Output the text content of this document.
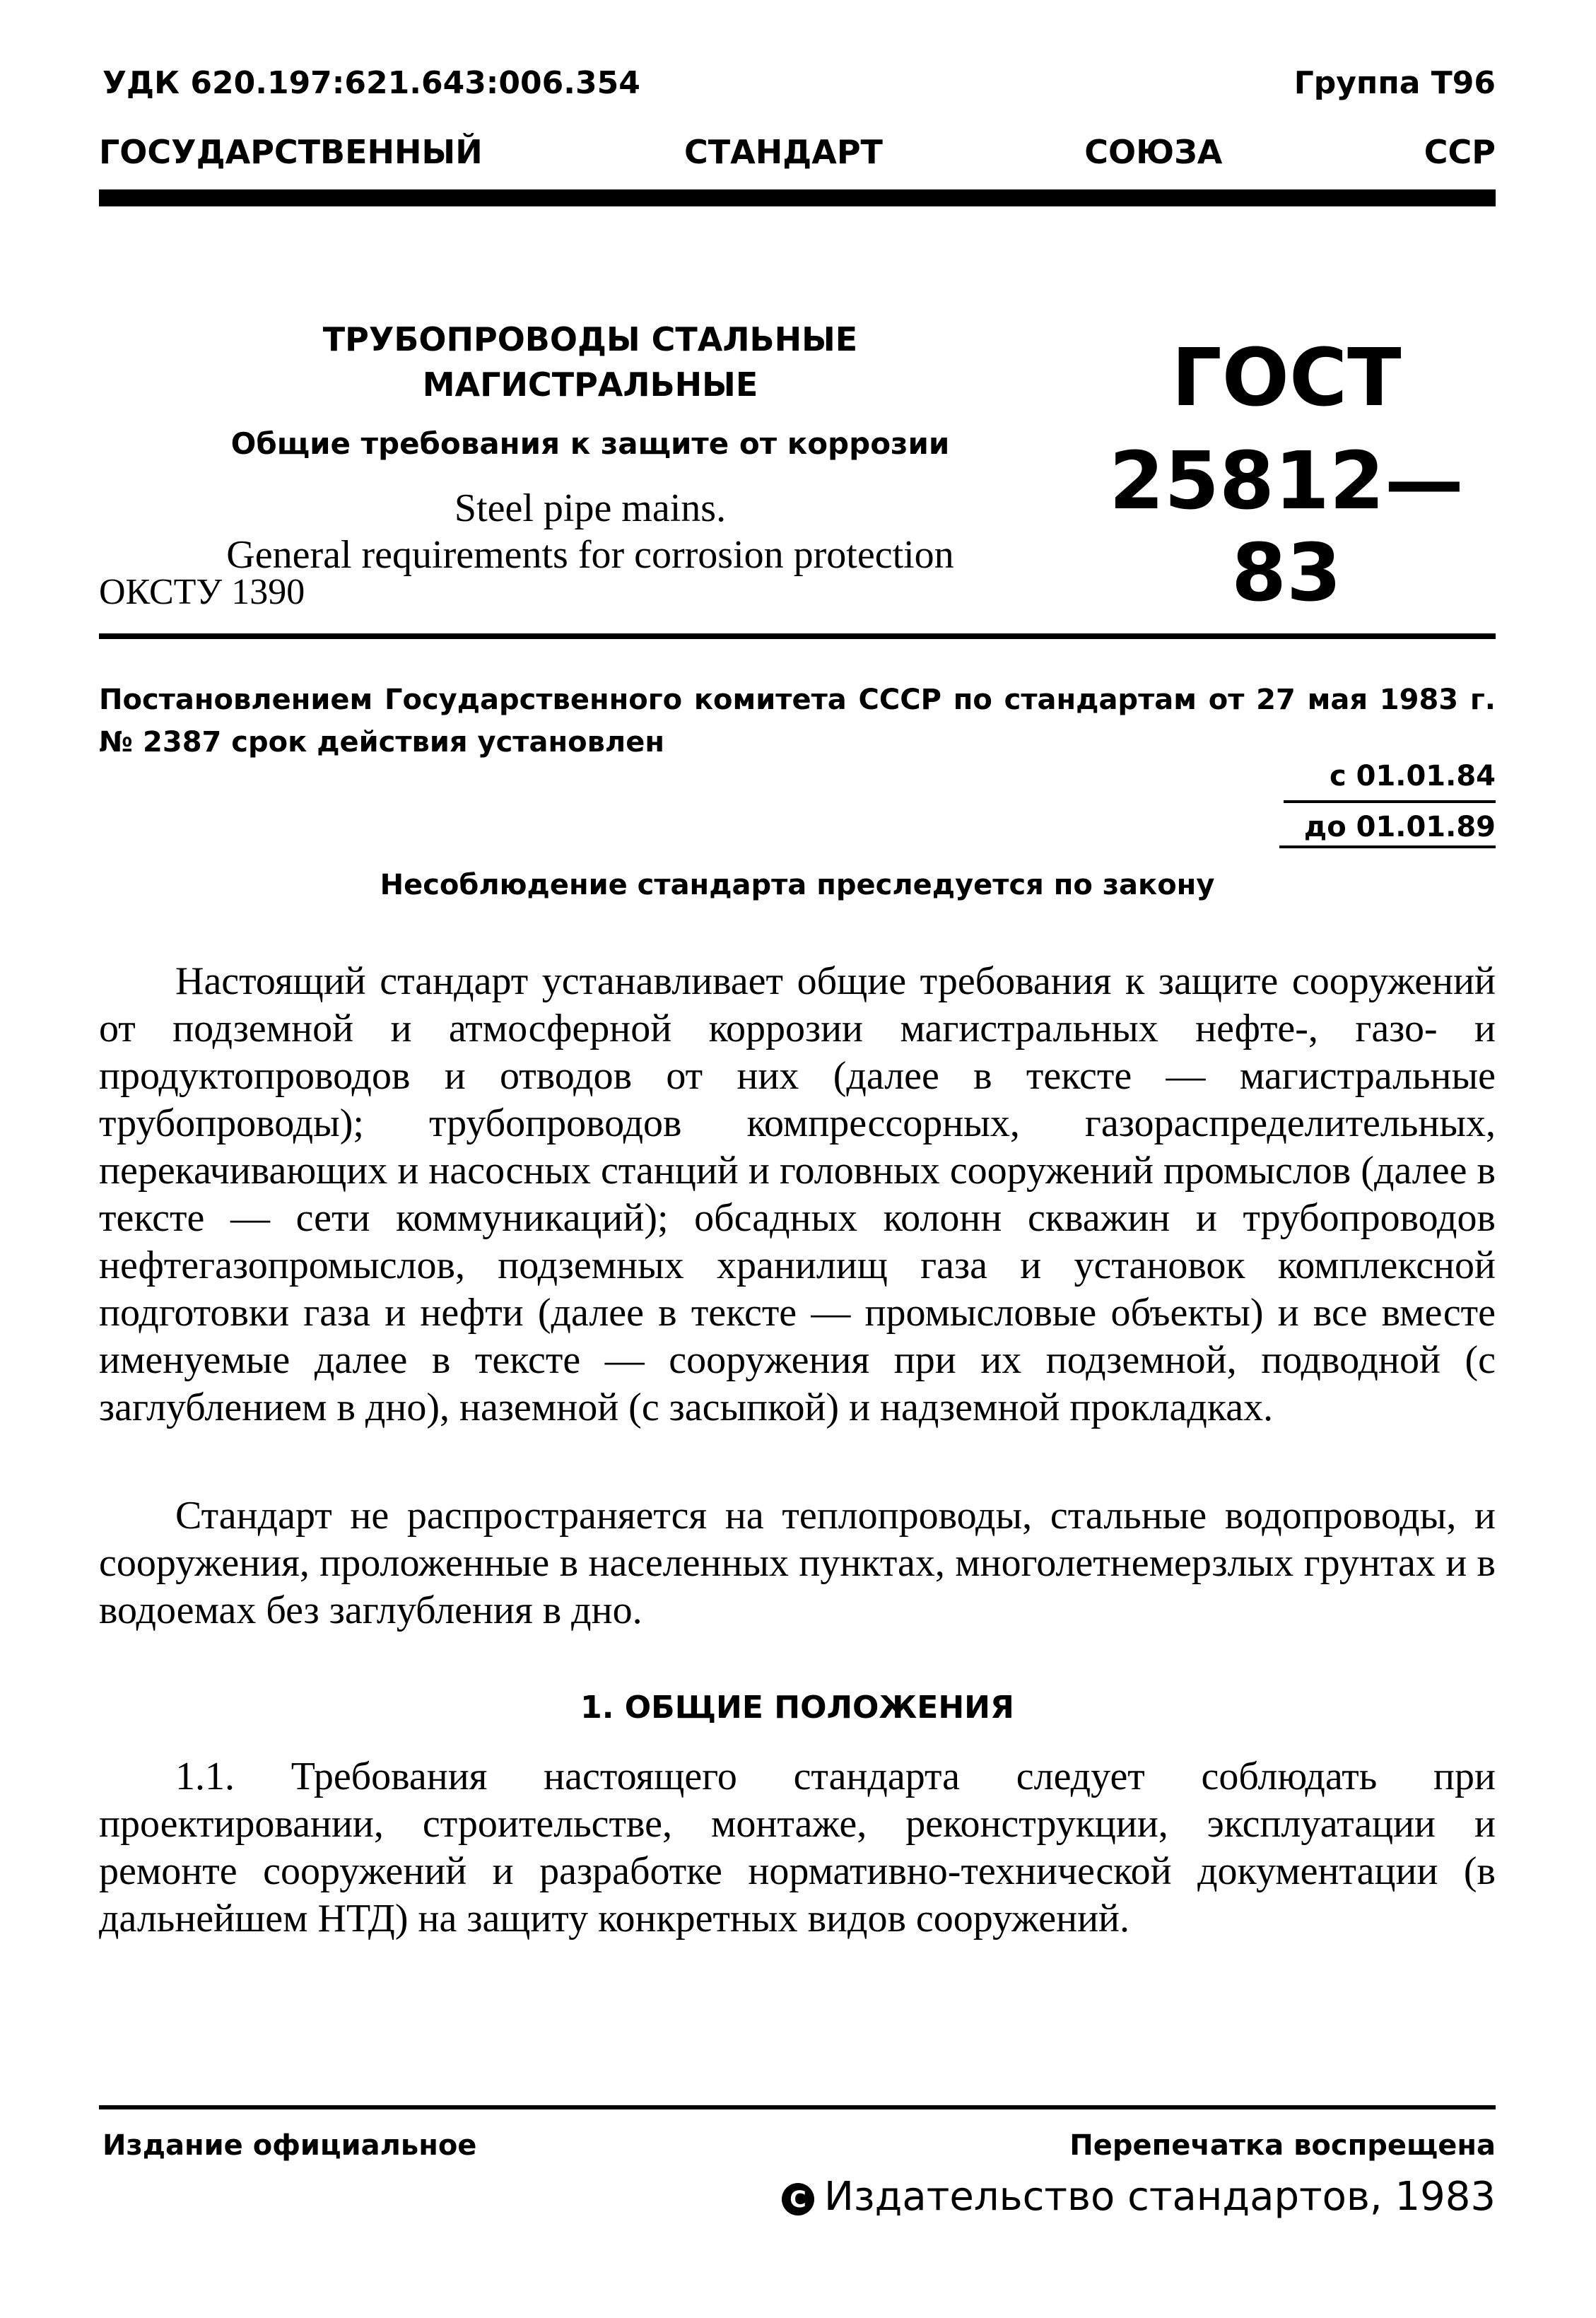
УДК 620.197:621.643:006.354	Группа Т96
ГОСУДАРСТВЕННЫЙ	СТАНДАРТ	СОЮЗА	ССР
ТРУБОПРОВОДЫ СТАЛЬНЫЕ МАГИСТРАЛЬНЫЕ
Общие требования к защите от коррозии
Steel pipe mains.
General requirements for corrosion protection
ГОСТ
25812—83
ОКСТУ 1390
Постановлением Государственного комитета СССР по стандартам от 27 мая 1983 г. № 2387 срок действия установлен
с 01.01.84
до 01.01.89
Несоблюдение стандарта преследуется по закону
Настоящий стандарт устанавливает общие требования к защите сооружений от подземной и атмосферной коррозии магистральных нефте-, газо- и продуктопроводов и отводов от них (далее в тексте — магистральные трубопроводы); трубопроводов компрессорных, газораспределительных, перекачивающих и насосных станций и головных сооружений промыслов (далее в тексте — сети коммуникаций); обсадных колонн скважин и трубопроводов нефтегазопромыслов, подземных хранилищ газа и установок комплексной подготовки газа и нефти (далее в тексте — промысловые объекты) и все вместе именуемые далее в тексте — сооружения при их подземной, подводной (с заглублением в дно), наземной (с засыпкой) и надземной прокладках.
Стандарт не распространяется на теплопроводы, стальные водопроводы, и сооружения, проложенные в населенных пунктах, многолетнемерзлых грунтах и в водоемах без заглубления в дно.
1. ОБЩИЕ ПОЛОЖЕНИЯ
1.1. Требования настоящего стандарта следует соблюдать при проектировании, строительстве, монтаже, реконструкции, эксплуатации и ремонте сооружений и разработке нормативно-технической документации (в дальнейшем НТД) на защиту конкретных видов сооружений.
Издание официальное	Перепечатка воспрещена
С Издательство стандартов, 1983
